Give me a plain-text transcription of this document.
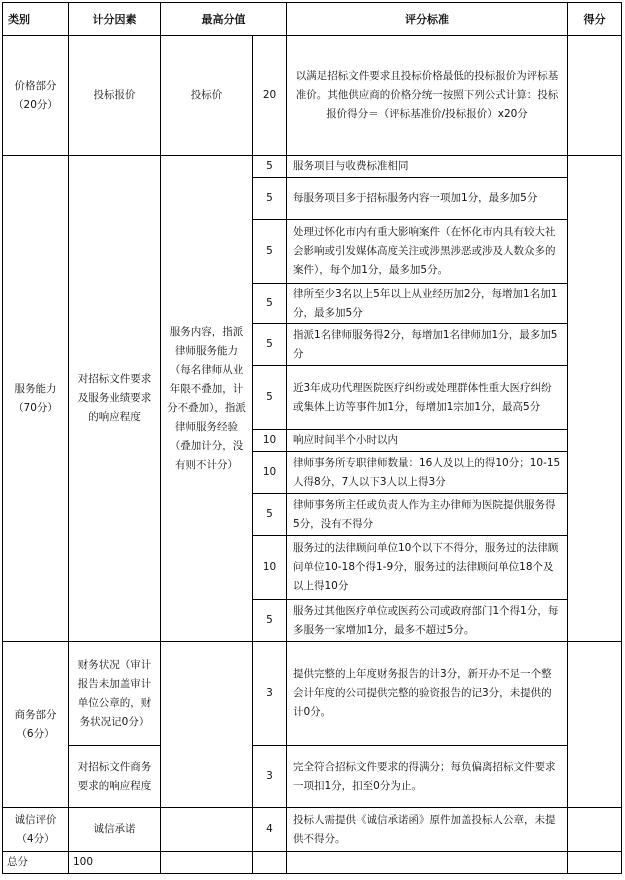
类别	计分因素	最高分值		评分标准	得分
价格部分（20分）	投标报价	投标价	20	以满足招标文件要求且投标价格最低的投标报价为评标基准价。其他供应商的价格分统一按照下列公式计算：投标报价得分＝（评标基准价/投标报价）x20分	
服务能力（70分）	对招标文件要求及服务业绩要求的响应程度	服务内容，指派律师服务能力（每名律师从业年限不叠加，计分不叠加），指派律师服务经验（叠加计分，没有则不计分）	5	服务项目与收费标准相同	
			5	每服务项目多于招标服务内容一项加1分，最多加5分	
			5	处理过怀化市内有重大影响案件（在怀化市内具有较大社会影响或引发媒体高度关注或涉黑涉恶或涉及人数众多的案件），每个加1分，最多加5分。	
			5	律所至少3名以上5年以上从业经历加2分，每增加1名加1分，最多加5分	
			5	指派1名律师服务得2分，每增加1名律师加1分，最多加5分	
			5	近3年成功代理医院医疗纠纷或处理群体性重大医疗纠纷或集体上访等事件加1分，每增加1宗加1分，最高5分	
			10	响应时间半个小时以内	
			10	律师事务所专职律师数量：16人及以上的得10分；10-15人得8分，7人以下3人以上得3分	
			5	律师事务所主任或负责人作为主办律师为医院提供服务得5分，没有不得分	
			10	服务过的法律顾问单位10个以下不得分，服务过的法律顾问单位10-18个得1-9分，服务过的法律顾问单位18个及以上得10分	
			5	服务过其他医疗单位或医药公司或政府部门1个得1分，每多服务一家增加1分，最多不超过5分。	
商务部分（6分）	财务状况（审计报告未加盖审计单位公章的，财务状况记0分）		3	提供完整的上年度财务报告的计3分，新开办不足一个整会计年度的公司提供完整的验资报告的记3分，未提供的计0分。	
	对招标文件商务要求的响应程度		3	完全符合招标文件要求的得满分；每负偏离招标文件要求一项扣1分，扣至0分为止。	
诚信评价（4分）	诚信承诺		4	投标人需提供《诚信承诺函》原件加盖投标人公章，未提供不得分。	
总分	100				
